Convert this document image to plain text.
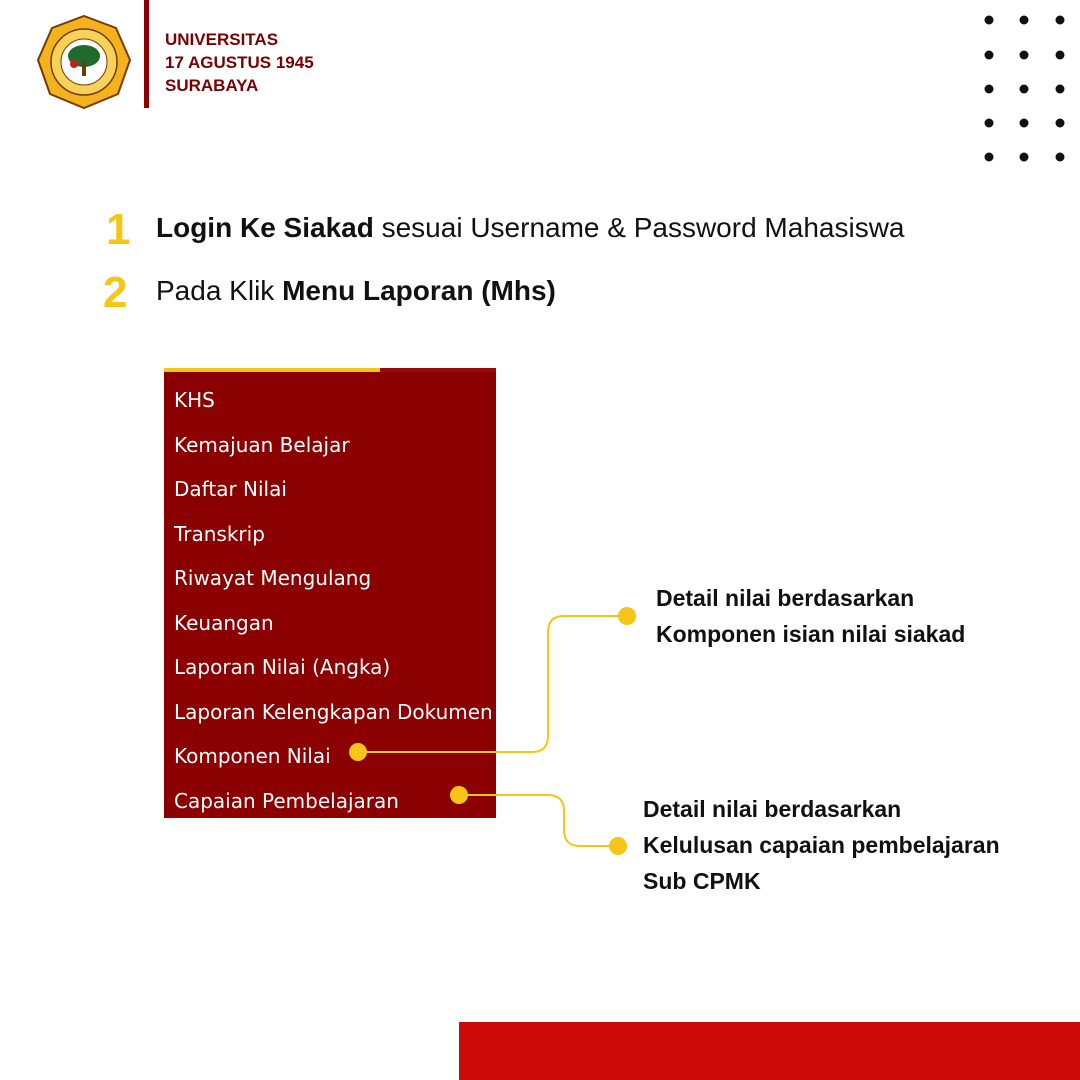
UNIVERSITAS
17 AGUSTUS 1945
SURABAYA
1 Login Ke Siakad sesuai Username & Password Mahasiswa
2 Pada Klik Menu Laporan (Mhs)
KHS
Kemajuan Belajar
Daftar Nilai
Transkrip
Riwayat Mengulang
Keuangan
Laporan Nilai (Angka)
Laporan Kelengkapan Dokumen
Komponen Nilai
Capaian Pembelajaran
Detail nilai berdasarkan
Komponen isian nilai siakad
Detail nilai berdasarkan
Kelulusan capaian pembelajaran
Sub CPMK
